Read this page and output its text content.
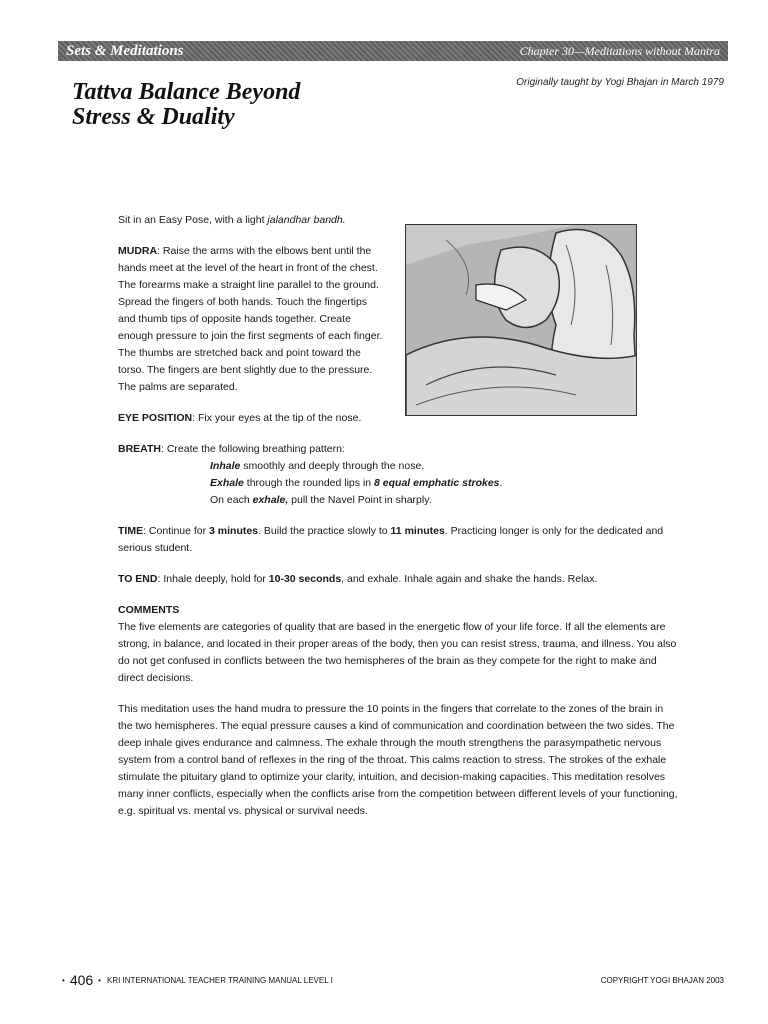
Sets & Meditations	Chapter 30—Meditations without Mantra
Tattva Balance Beyond
Stress & Duality
Originally taught by Yogi Bhajan in March 1979

Sit in an Easy Pose, with a light jalandhar bandh.

MUDRA: Raise the arms with the elbows bent until the hands meet at the level of the heart in front of the chest. The forearms make a straight line parallel to the ground. Spread the fingers of both hands. Touch the fingertips and thumb tips of opposite hands together. Create enough pressure to join the first segments of each finger. The thumbs are stretched back and point toward the torso. The fingers are bent slightly due to the pressure. The palms are separated.

EYE POSITION: Fix your eyes at the tip of the nose.

BREATH: Create the following breathing pattern:
Inhale smoothly and deeply through the nose.
Exhale through the rounded lips in 8 equal emphatic strokes.
On each exhale, pull the Navel Point in sharply.

TIME: Continue for 3 minutes. Build the practice slowly to 11 minutes. Practicing longer is only for the dedicated and serious student.

TO END: Inhale deeply, hold for 10-30 seconds, and exhale. Inhale again and shake the hands. Relax.

COMMENTS

The five elements are categories of quality that are based in the energetic flow of your life force. If all the elements are strong, in balance, and located in their proper areas of the body, then you can resist stress, trauma, and illness. You also do not get confused in conflicts between the two hemispheres of the brain as they compete for the right to make and direct decisions.

This meditation uses the hand mudra to pressure the 10 points in the fingers that correlate to the zones of the brain in the two hemispheres. The equal pressure causes a kind of communication and coordination between the two sides. The deep inhale gives endurance and calmness. The exhale through the mouth strengthens the parasympathetic nervous system from a control band of reflexes in the ring of the throat. This calms reaction to stress. The strokes of the exhale stimulate the pituitary gland to optimize your clarity, intuition, and decision-making capacities. This meditation resolves many inner conflicts, especially when the conflicts arise from the competition between different levels of your functioning, e.g. spiritual vs. mental vs. physical or survival needs.

• 406 • KRI INTERNATIONAL TEACHER TRAINING MANUAL LEVEL I	COPYRIGHT YOGI BHAJAN 2003
